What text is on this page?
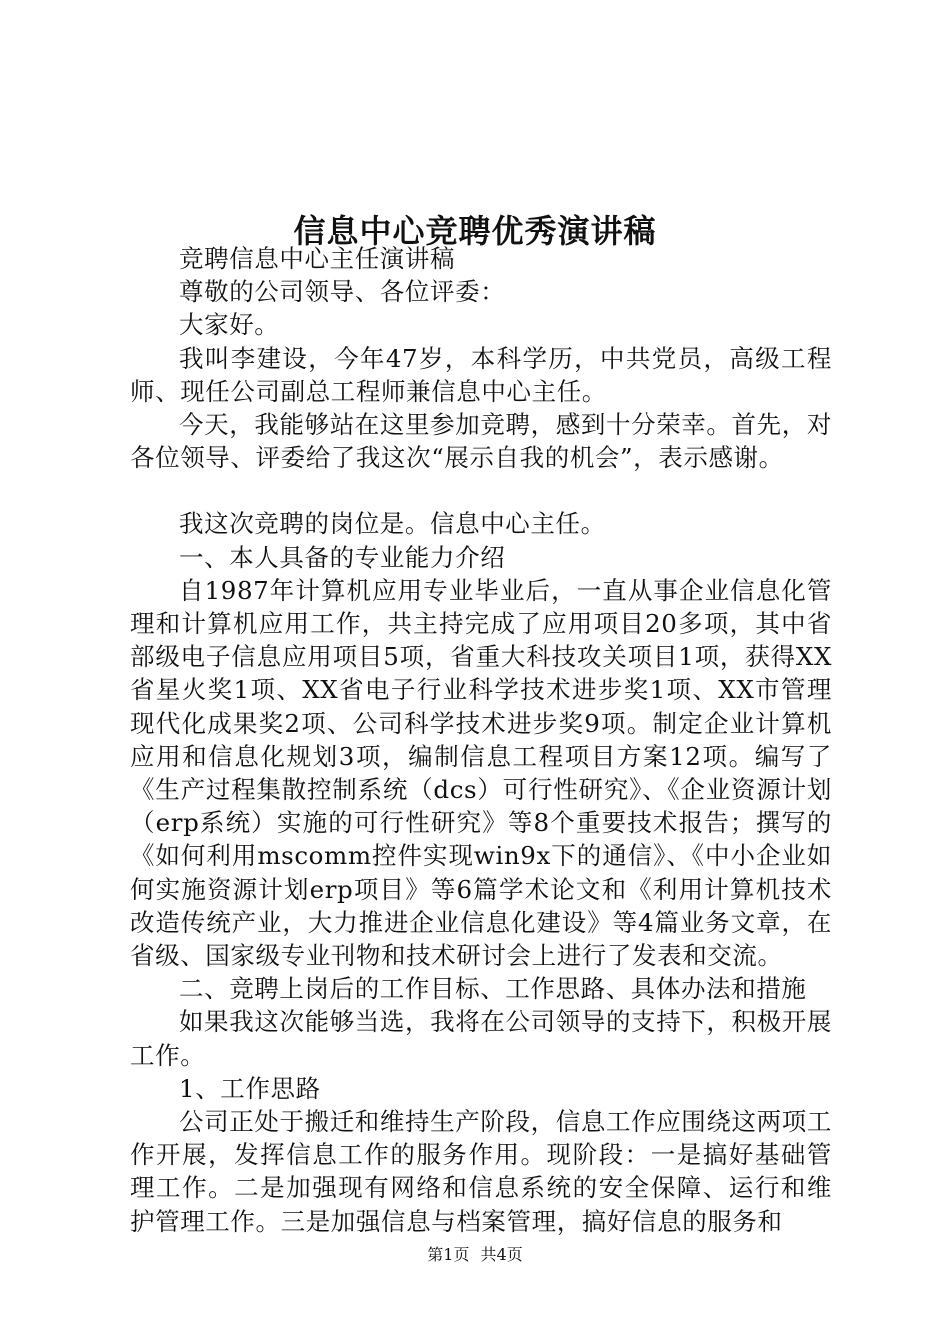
信息中心竞聘优秀演讲稿

竞聘信息中心主任演讲稿

尊敬的公司领导、各位评委：

大家好。

我叫李建设，今年47岁，本科学历，中共党员，高级工程师、现任公司副总工程师兼信息中心主任。

今天，我能够站在这里参加竞聘，感到十分荣幸。首先，对各位领导、评委给了我这次“展示自我的机会”，表示感谢。

我这次竞聘的岗位是。信息中心主任。

一、本人具备的专业能力介绍

自1987年计算机应用专业毕业后，一直从事企业信息化管理和计算机应用工作，共主持完成了应用项目20多项，其中省部级电子信息应用项目5项，省重大科技攻关项目1项，获得XX省星火奖1项、XX省电子行业科学技术进步奖1项、XX市管理现代化成果奖2项、公司科学技术进步奖9项。制定企业计算机应用和信息化规划3项，编制信息工程项目方案12项。编写了《生产过程集散控制系统（dcs）可行性研究》、《企业资源计划（erp系统）实施的可行性研究》等8个重要技术报告；撰写的《如何利用mscomm控件实现win9x下的通信》、《中小企业如何实施资源计划erp项目》等6篇学术论文和《利用计算机技术改造传统产业，大力推进企业信息化建设》等4篇业务文章，在省级、国家级专业刊物和技术研讨会上进行了发表和交流。

二、竞聘上岗后的工作目标、工作思路、具体办法和措施

如果我这次能够当选，我将在公司领导的支持下，积极开展工作。

1、工作思路

公司正处于搬迁和维持生产阶段，信息工作应围绕这两项工作开展，发挥信息工作的服务作用。现阶段：一是搞好基础管理工作。二是加强现有网络和信息系统的安全保障、运行和维护管理工作。三是加强信息与档案管理，搞好信息的服务和

第1页 共4页
